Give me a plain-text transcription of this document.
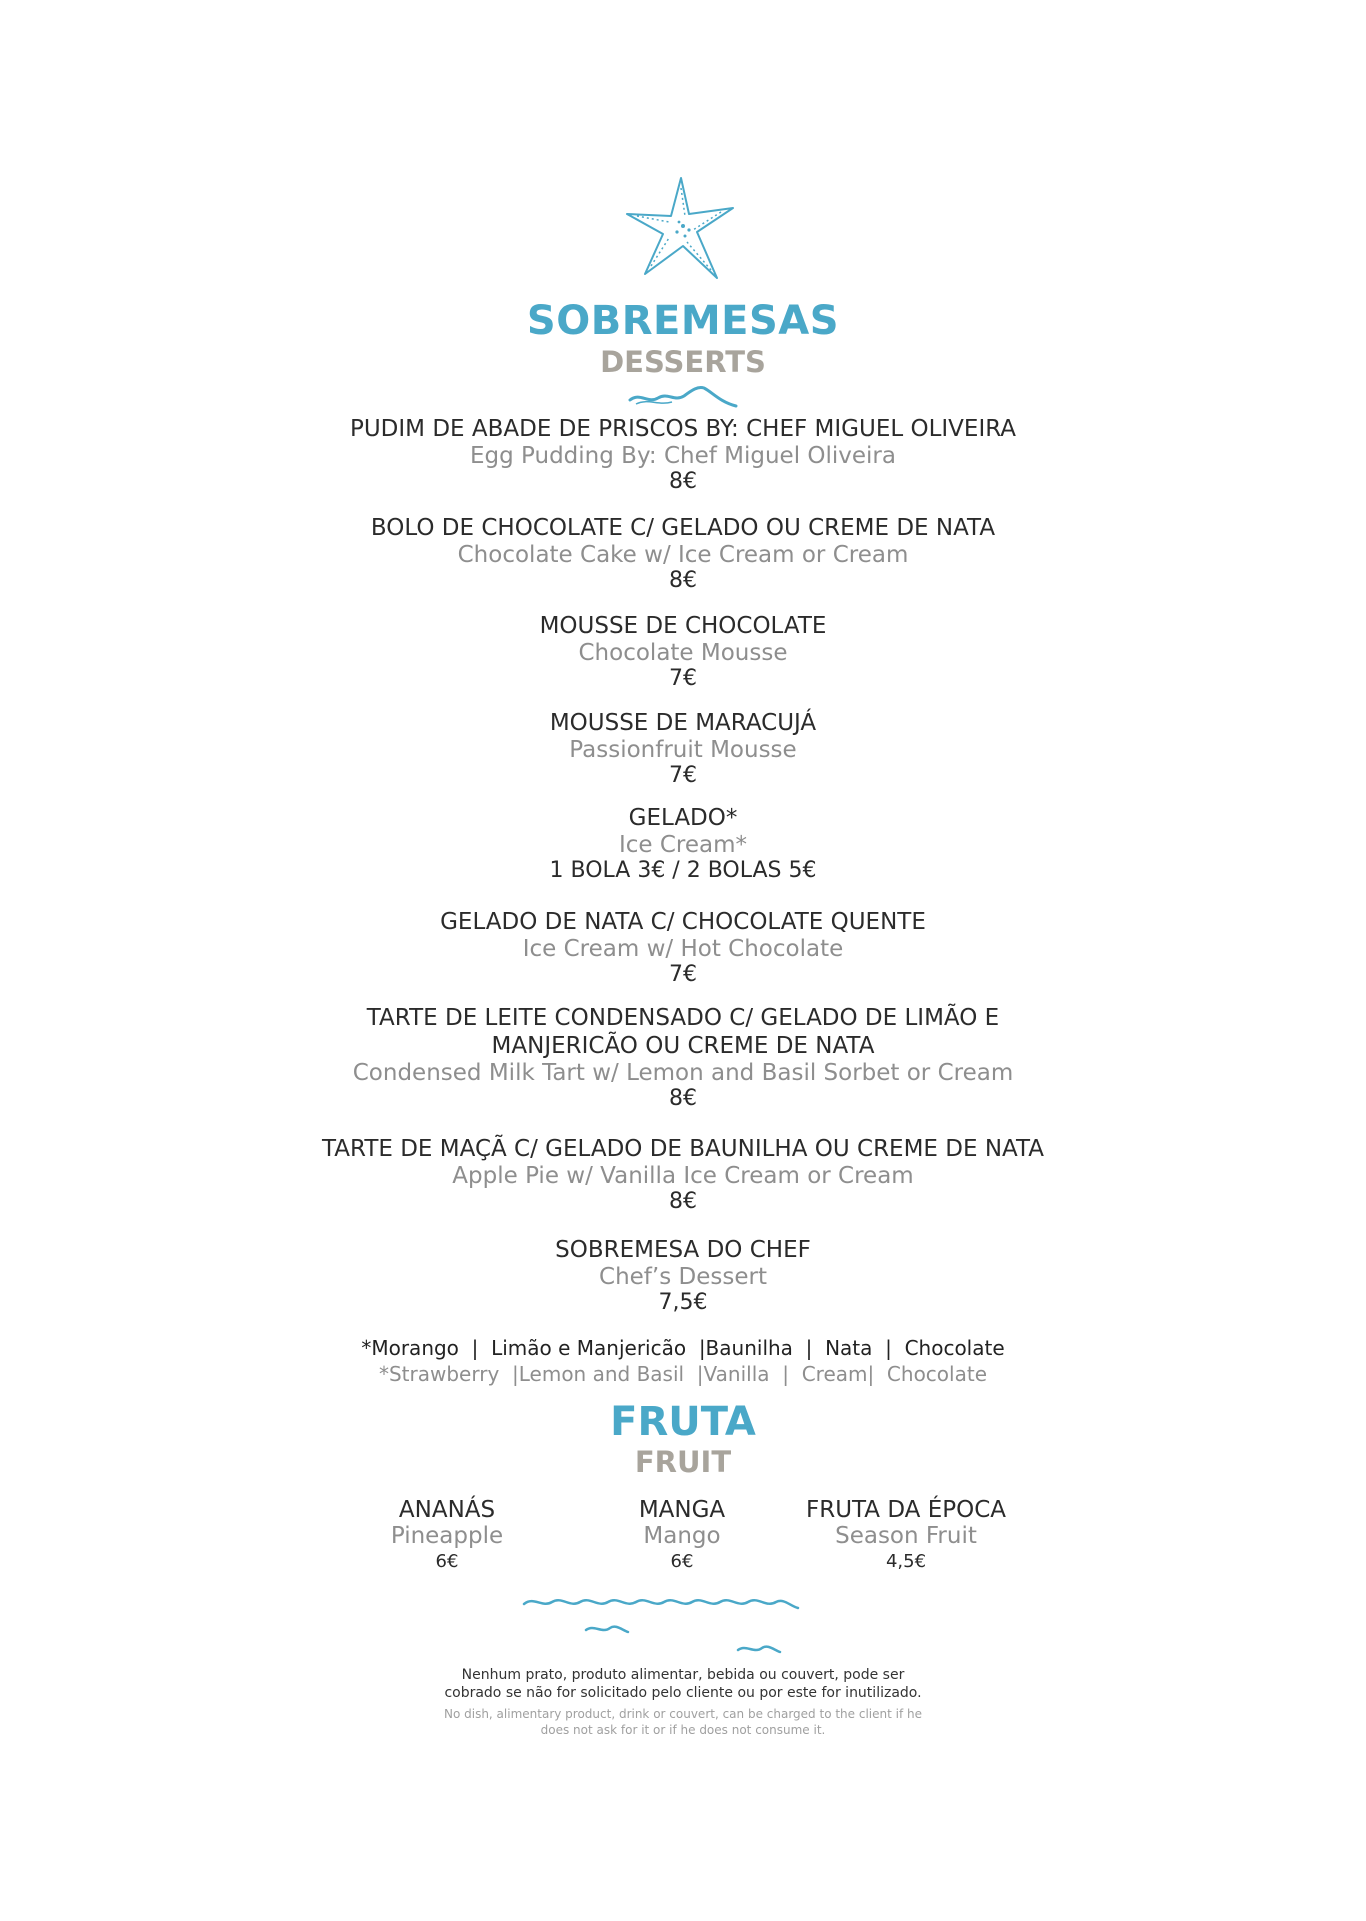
SOBREMESAS
DESSERTS
PUDIM DE ABADE DE PRISCOS BY: CHEF MIGUEL OLIVEIRA
Egg Pudding By: Chef Miguel Oliveira
8€
BOLO DE CHOCOLATE C/ GELADO OU CREME DE NATA
Chocolate Cake w/ Ice Cream or Cream
8€
MOUSSE DE CHOCOLATE
Chocolate Mousse
7€
MOUSSE DE MARACUJÁ
Passionfruit Mousse
7€
GELADO*
Ice Cream*
1 BOLA 3€ / 2 BOLAS 5€
GELADO DE NATA C/ CHOCOLATE QUENTE
Ice Cream w/ Hot Chocolate
7€
TARTE DE LEITE CONDENSADO C/ GELADO DE LIMÃO E
MANJERICÃO OU CREME DE NATA
Condensed Milk Tart w/ Lemon and Basil Sorbet or Cream
8€
TARTE DE MAÇÃ C/ GELADO DE BAUNILHA OU CREME DE NATA
Apple Pie w/ Vanilla Ice Cream or Cream
8€
SOBREMESA DO CHEF
Chef’s Dessert
7,5€
*Morango  |  Limão e Manjericão  |Baunilha  |  Nata  |  Chocolate
*Strawberry  |Lemon and Basil  |Vanilla  |  Cream|  Chocolate
FRUTA
FRUIT
ANANÁS
Pineapple
6€
MANGA
Mango
6€
FRUTA DA ÉPOCA
Season Fruit
4,5€
Nenhum prato, produto alimentar, bebida ou couvert, pode ser
cobrado se não for solicitado pelo cliente ou por este for inutilizado.
No dish, alimentary product, drink or couvert, can be charged to the client if he
does not ask for it or if he does not consume it.
